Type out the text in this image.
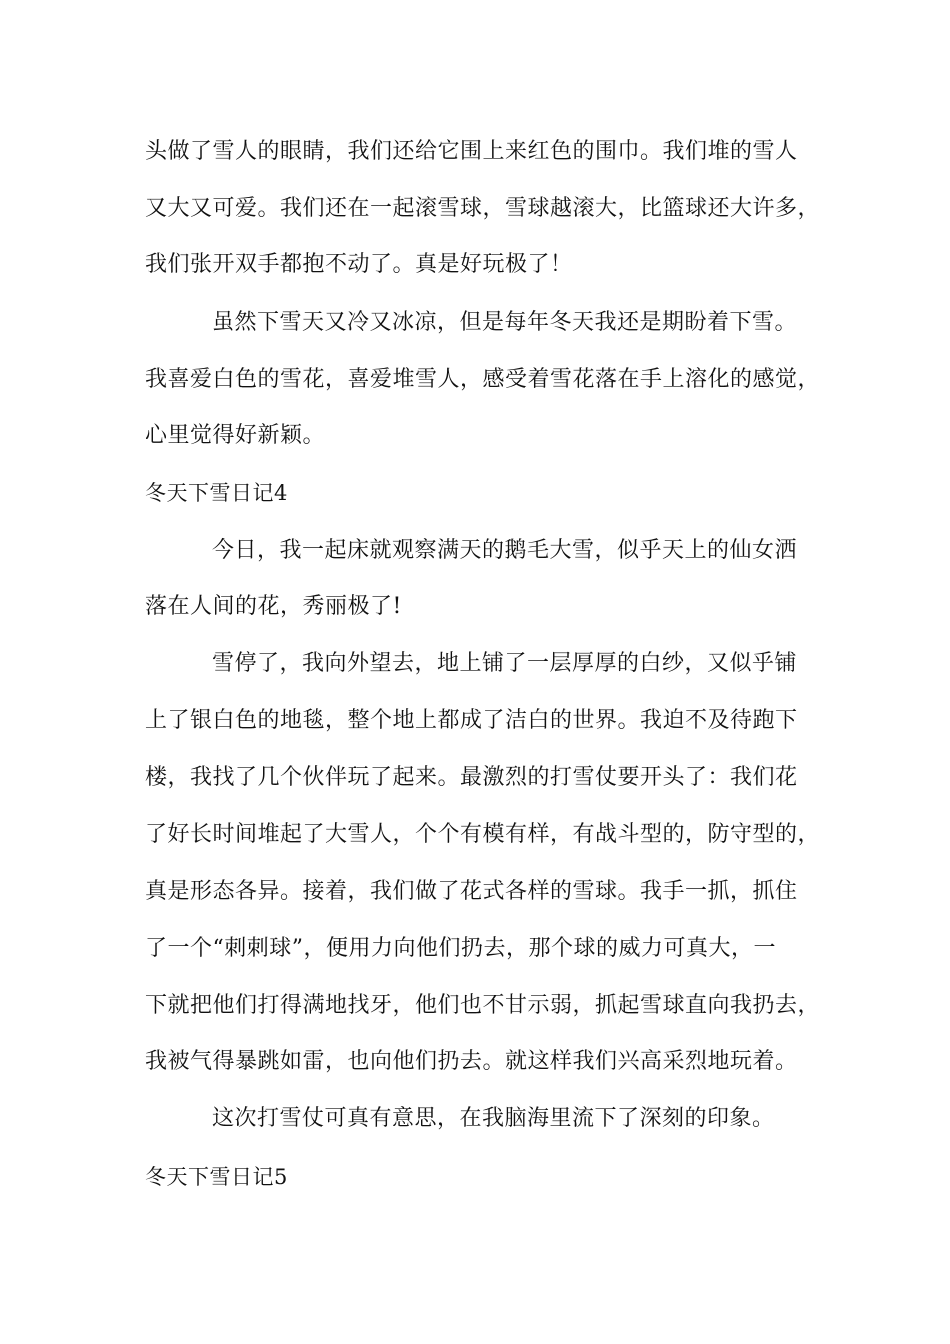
头做了雪人的眼睛，我们还给它围上来红色的围巾。我们堆的雪人
又大又可爱。我们还在一起滚雪球，雪球越滚大，比篮球还大许多，
我们张开双手都抱不动了。真是好玩极了！
虽然下雪天又冷又冰凉，但是每年冬天我还是期盼着下雪。
我喜爱白色的雪花，喜爱堆雪人，感受着雪花落在手上溶化的感觉，
心里觉得好新颖。
冬天下雪日记4
今日，我一起床就观察满天的鹅毛大雪，似乎天上的仙女洒
落在人间的花，秀丽极了!
雪停了，我向外望去，地上铺了一层厚厚的白纱，又似乎铺
上了银白色的地毯，整个地上都成了洁白的世界。我迫不及待跑下
楼，我找了几个伙伴玩了起来。最激烈的打雪仗要开头了：我们花
了好长时间堆起了大雪人，个个有模有样，有战斗型的，防守型的，
真是形态各异。接着，我们做了花式各样的雪球。我手一抓，抓住
了一个“刺刺球”，便用力向他们扔去，那个球的威力可真大，一
下就把他们打得满地找牙，他们也不甘示弱，抓起雪球直向我扔去，
我被气得暴跳如雷，也向他们扔去。就这样我们兴高采烈地玩着。
这次打雪仗可真有意思，在我脑海里流下了深刻的印象。
冬天下雪日记5
